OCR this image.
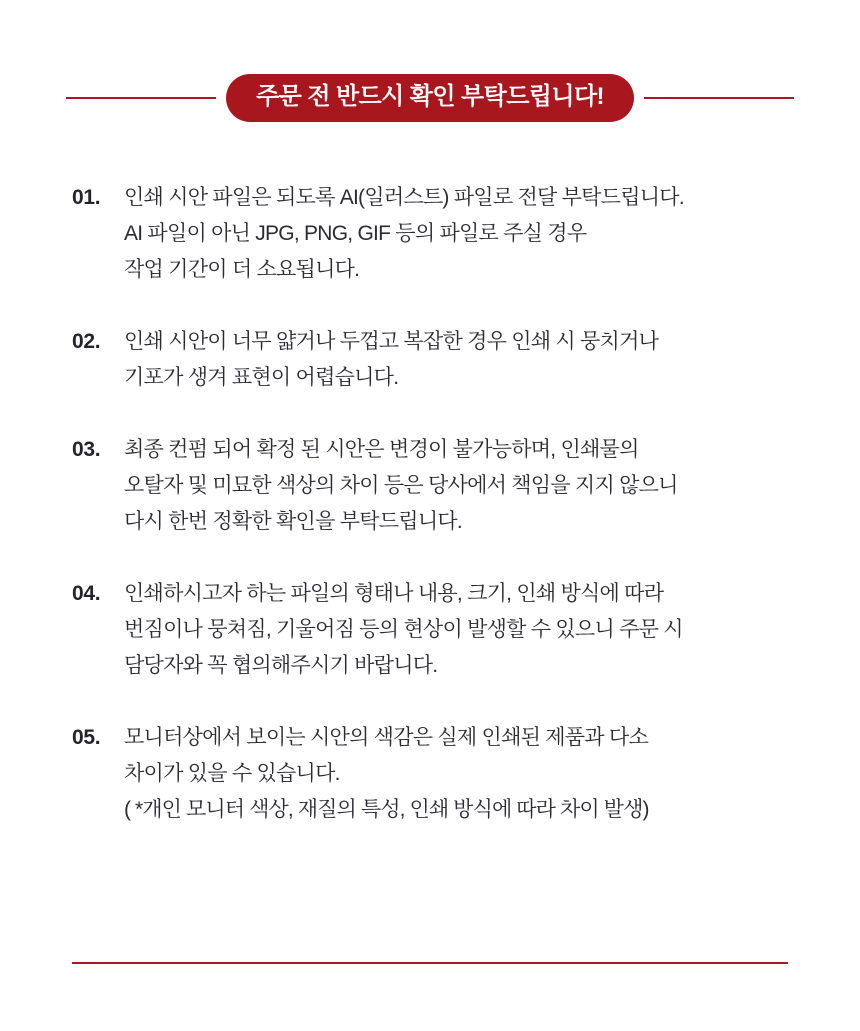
주문 전 반드시 확인 부탁드립니다!
01.	인쇄 시안 파일은 되도록 AI(일러스트) 파일로 전달 부탁드립니다.
AI 파일이 아닌 JPG, PNG, GIF 등의 파일로 주실 경우
작업 기간이 더 소요됩니다.
02.	인쇄 시안이 너무 얇거나 두껍고 복잡한 경우 인쇄 시 뭉치거나
기포가 생겨 표현이 어렵습니다.
03.	최종 컨펌 되어 확정 된 시안은 변경이 불가능하며, 인쇄물의
오탈자 및 미묘한 색상의 차이 등은 당사에서 책임을 지지 않으니
다시 한번 정확한 확인을 부탁드립니다.
04.	인쇄하시고자 하는 파일의 형태나 내용, 크기, 인쇄 방식에 따라
번짐이나 뭉쳐짐, 기울어짐 등의 현상이 발생할 수 있으니 주문 시
담당자와 꼭 협의해주시기 바랍니다.
05.	모니터상에서 보이는 시안의 색감은 실제 인쇄된 제품과 다소
차이가 있을 수 있습니다.
( *개인 모니터 색상, 재질의 특성, 인쇄 방식에 따라 차이 발생)
